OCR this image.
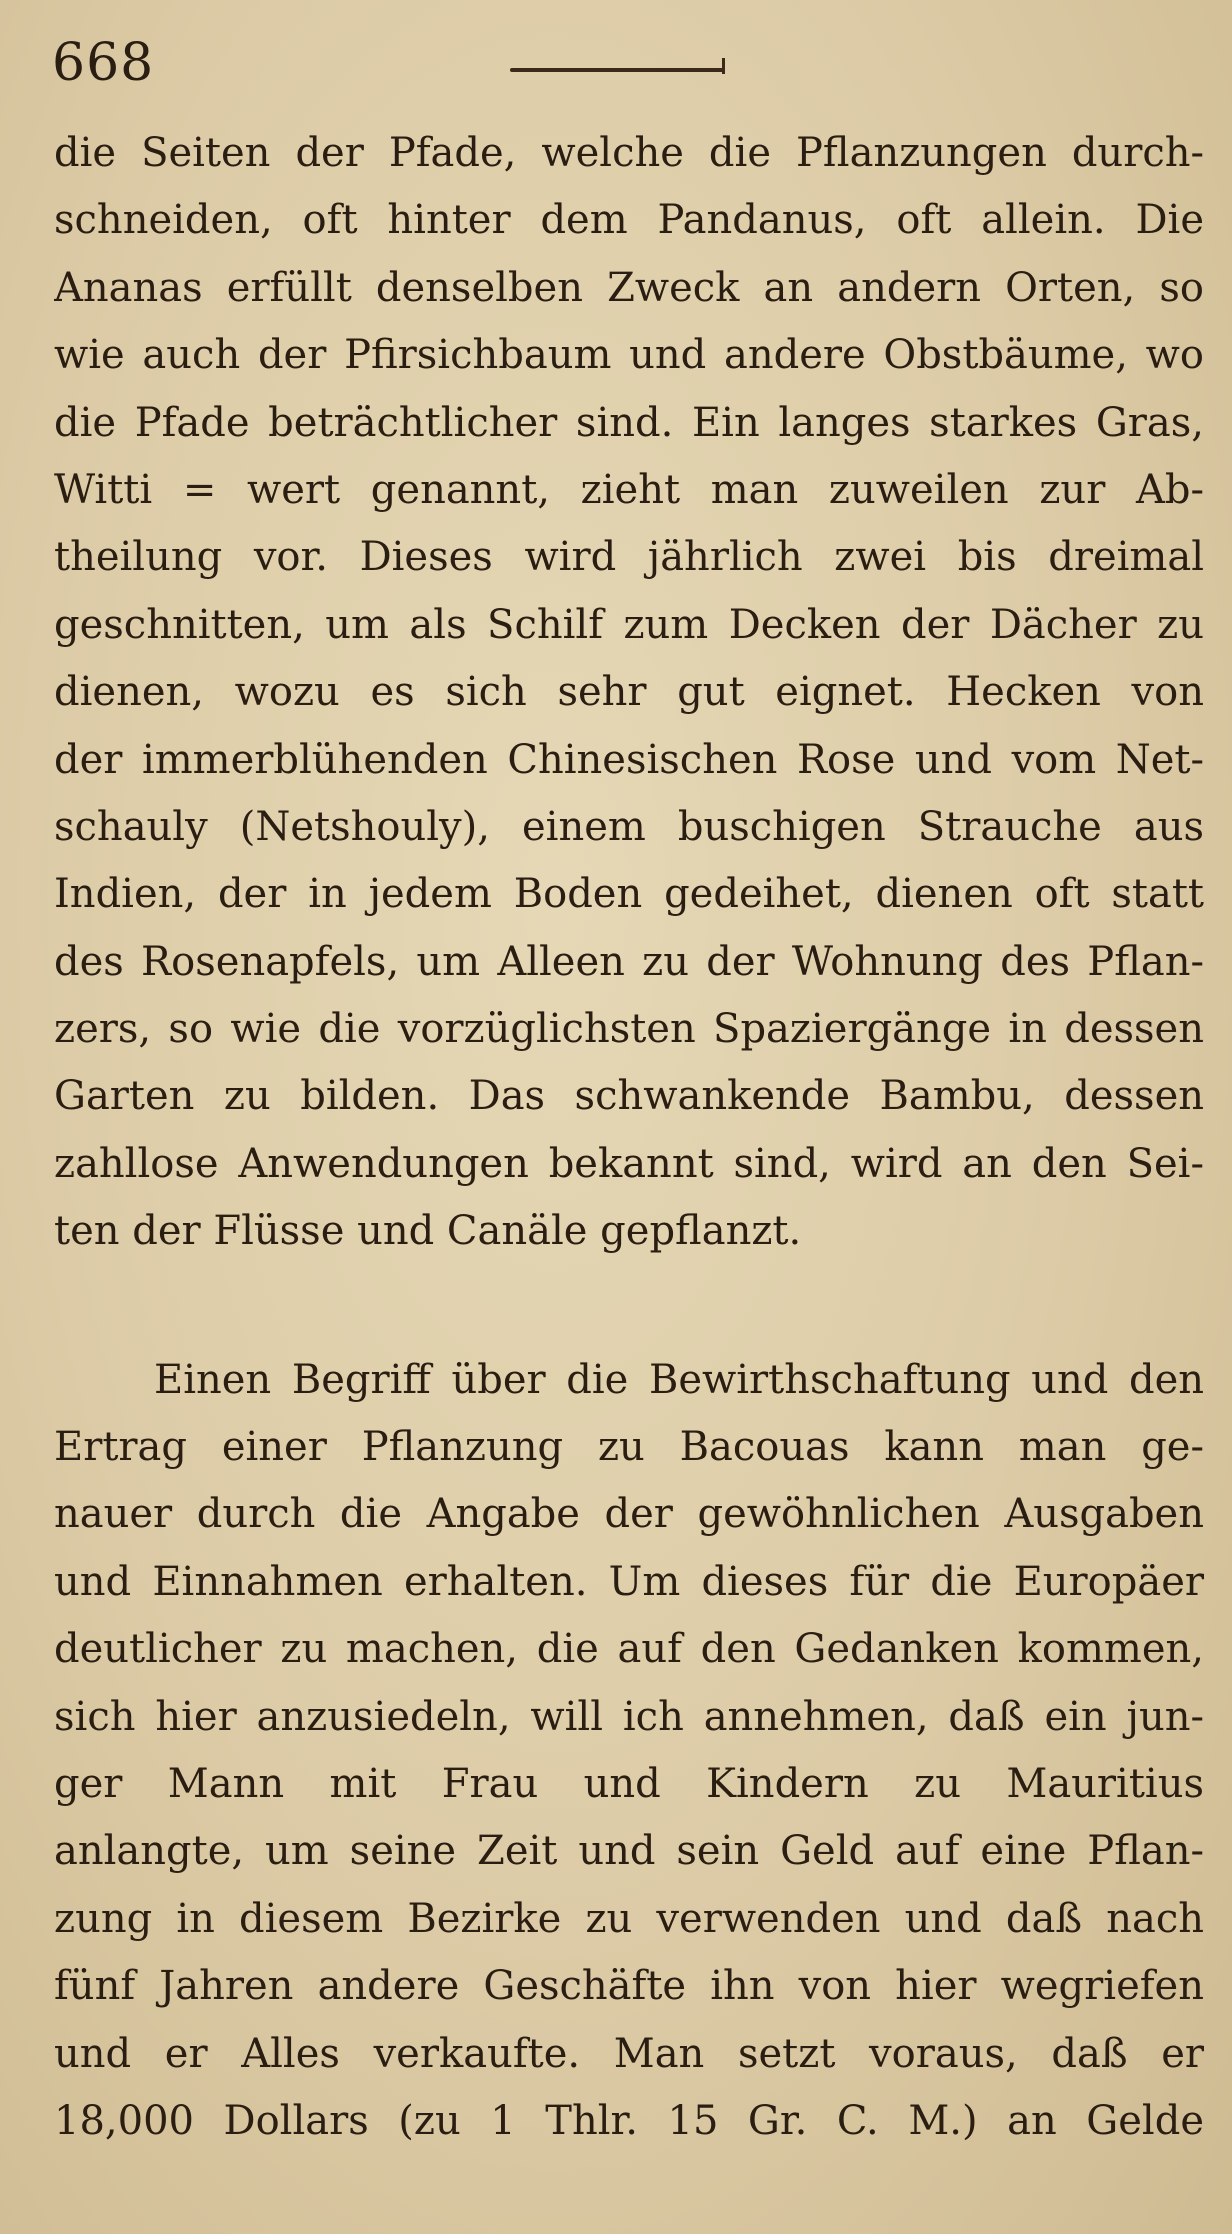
668
die Seiten der Pfade, welche die Pflanzungen durch-
schneiden, oft hinter dem Pandanus, oft allein. Die
Ananas erfüllt denselben Zweck an andern Orten, so
wie auch der Pfirsichbaum und andere Obstbäume, wo
die Pfade beträchtlicher sind. Ein langes starkes Gras,
Witti = wert genannt, zieht man zuweilen zur Ab-
theilung vor. Dieses wird jährlich zwei bis dreimal
geschnitten, um als Schilf zum Decken der Dächer zu
dienen, wozu es sich sehr gut eignet. Hecken von
der immerblühenden Chinesischen Rose und vom Net-
schauly (Netshouly), einem buschigen Strauche aus
Indien, der in jedem Boden gedeihet, dienen oft statt
des Rosenapfels, um Alleen zu der Wohnung des Pflan-
zers, so wie die vorzüglichsten Spaziergänge in dessen
Garten zu bilden. Das schwankende Bambu, dessen
zahllose Anwendungen bekannt sind, wird an den Sei-
ten der Flüsse und Canäle gepflanzt.
Einen Begriff über die Bewirthschaftung und den
Ertrag einer Pflanzung zu Bacouas kann man ge-
nauer durch die Angabe der gewöhnlichen Ausgaben
und Einnahmen erhalten. Um dieses für die Europäer
deutlicher zu machen, die auf den Gedanken kommen,
sich hier anzusiedeln, will ich annehmen, daß ein jun-
ger Mann mit Frau und Kindern zu Mauritius
anlangte, um seine Zeit und sein Geld auf eine Pflan-
zung in diesem Bezirke zu verwenden und daß nach
fünf Jahren andere Geschäfte ihn von hier wegriefen
und er Alles verkaufte. Man setzt voraus, daß er
18,000 Dollars (zu 1 Thlr. 15 Gr. C. M.) an Gelde
